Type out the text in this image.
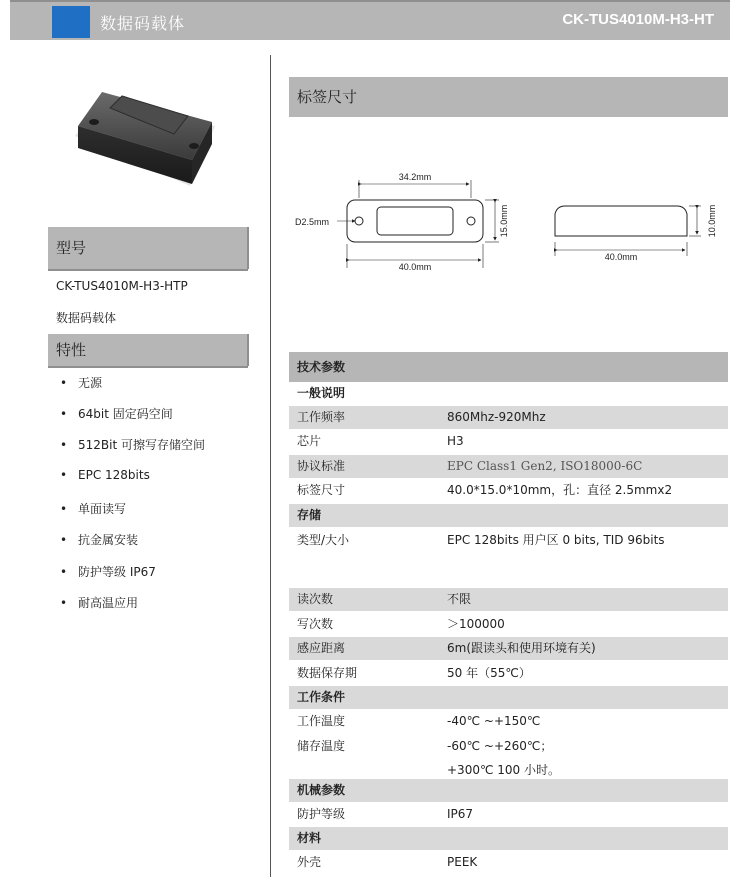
数据码载体	CK-TUS4010M-H3-HT
型号
CK-TUS4010M-H3-HTP
数据码载体
特性
• 无源
• 64bit 固定码空间
• 512Bit 可擦写存储空间
• EPC 128bits
• 单面读写
• 抗金属安装
• 防护等级 IP67
• 耐高温应用
标签尺寸
34.2mm
D2.5mm	15.0mm
40.0mm
40.0mm
10.0mm
技术参数
一般说明
工作频率	860Mhz-920Mhz
芯片	H3
协议标准	EPC Class1 Gen2, ISO18000-6C
标签尺寸	40.0*15.0*10mm，孔：直径 2.5mmx2
存储
类型/大小	EPC 128bits 用户区 0 bits, TID 96bits
读次数	不限
写次数	＞100000
感应距离	6m(跟读头和使用环境有关)
数据保存期	50 年（55℃）
工作条件
工作温度	-40℃ ~+150℃
储存温度	-60℃ ~+260℃；
+300℃ 100 小时。
机械参数
防护等级	IP67
材料
外壳	PEEK
